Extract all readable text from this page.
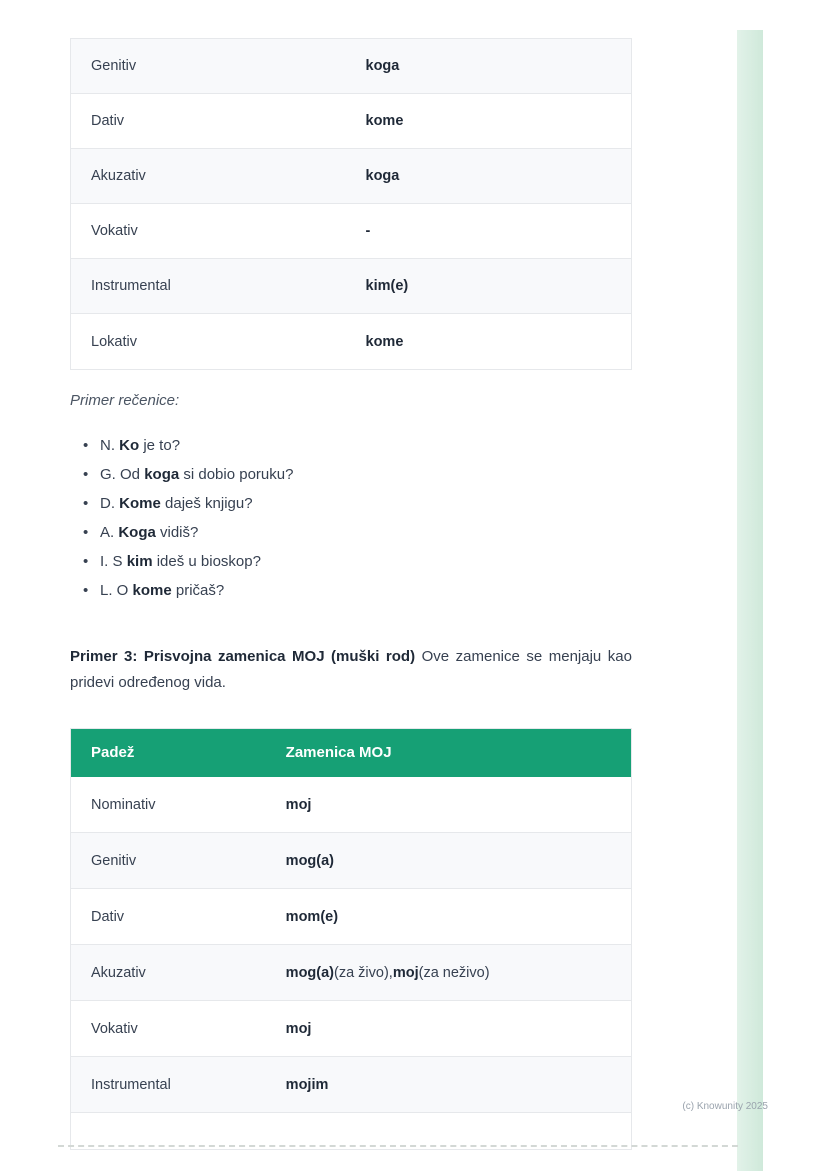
Genitiv	koga
Dativ	kome
Akuzativ	koga
Vokativ	-
Instrumental	kim(e)
Lokativ	kome

Primer rečenice:

• N. Ko je to?
• G. Od koga si dobio poruku?
• D. Kome daješ knjigu?
• A. Koga vidiš?
• I. S kim ideš u bioskop?
• L. O kome pričaš?

Primer 3: Prisvojna zamenica MOJ (muški rod) Ove zamenice se menjaju kao pridevi određenog vida.

Padež	Zamenica MOJ
Nominativ	moj
Genitiv	mog(a)
Dativ	mom(e)
Akuzativ	mog(a) (za živo), moj (za neživo)
Vokativ	moj
Instrumental	mojim
(c) Knowunity 2025
